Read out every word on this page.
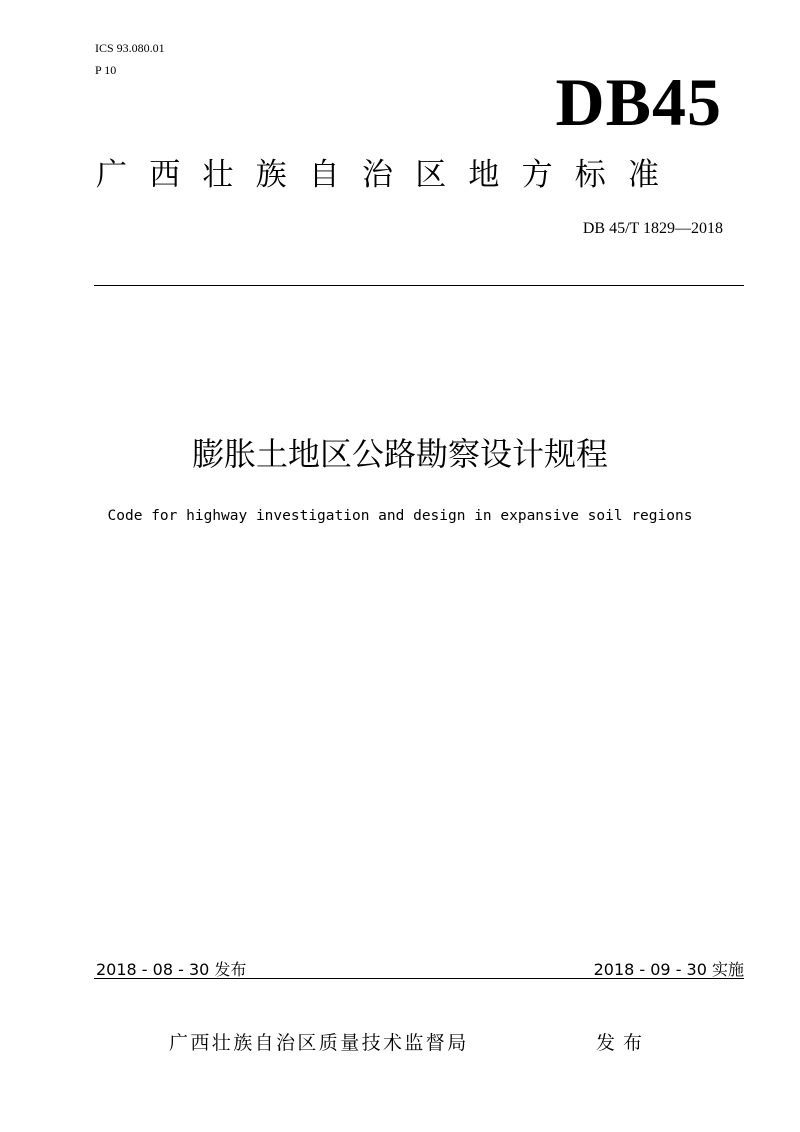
ICS 93.080.01
P 10	DB45
广西壮族自治区地方标准
DB 45/T 1829—2018
膨胀土地区公路勘察设计规程
Code for highway investigation and design in expansive soil regions
2018 - 08 - 30 发布	2018 - 09 - 30 实施
广西壮族自治区质量技术监督局	发布
